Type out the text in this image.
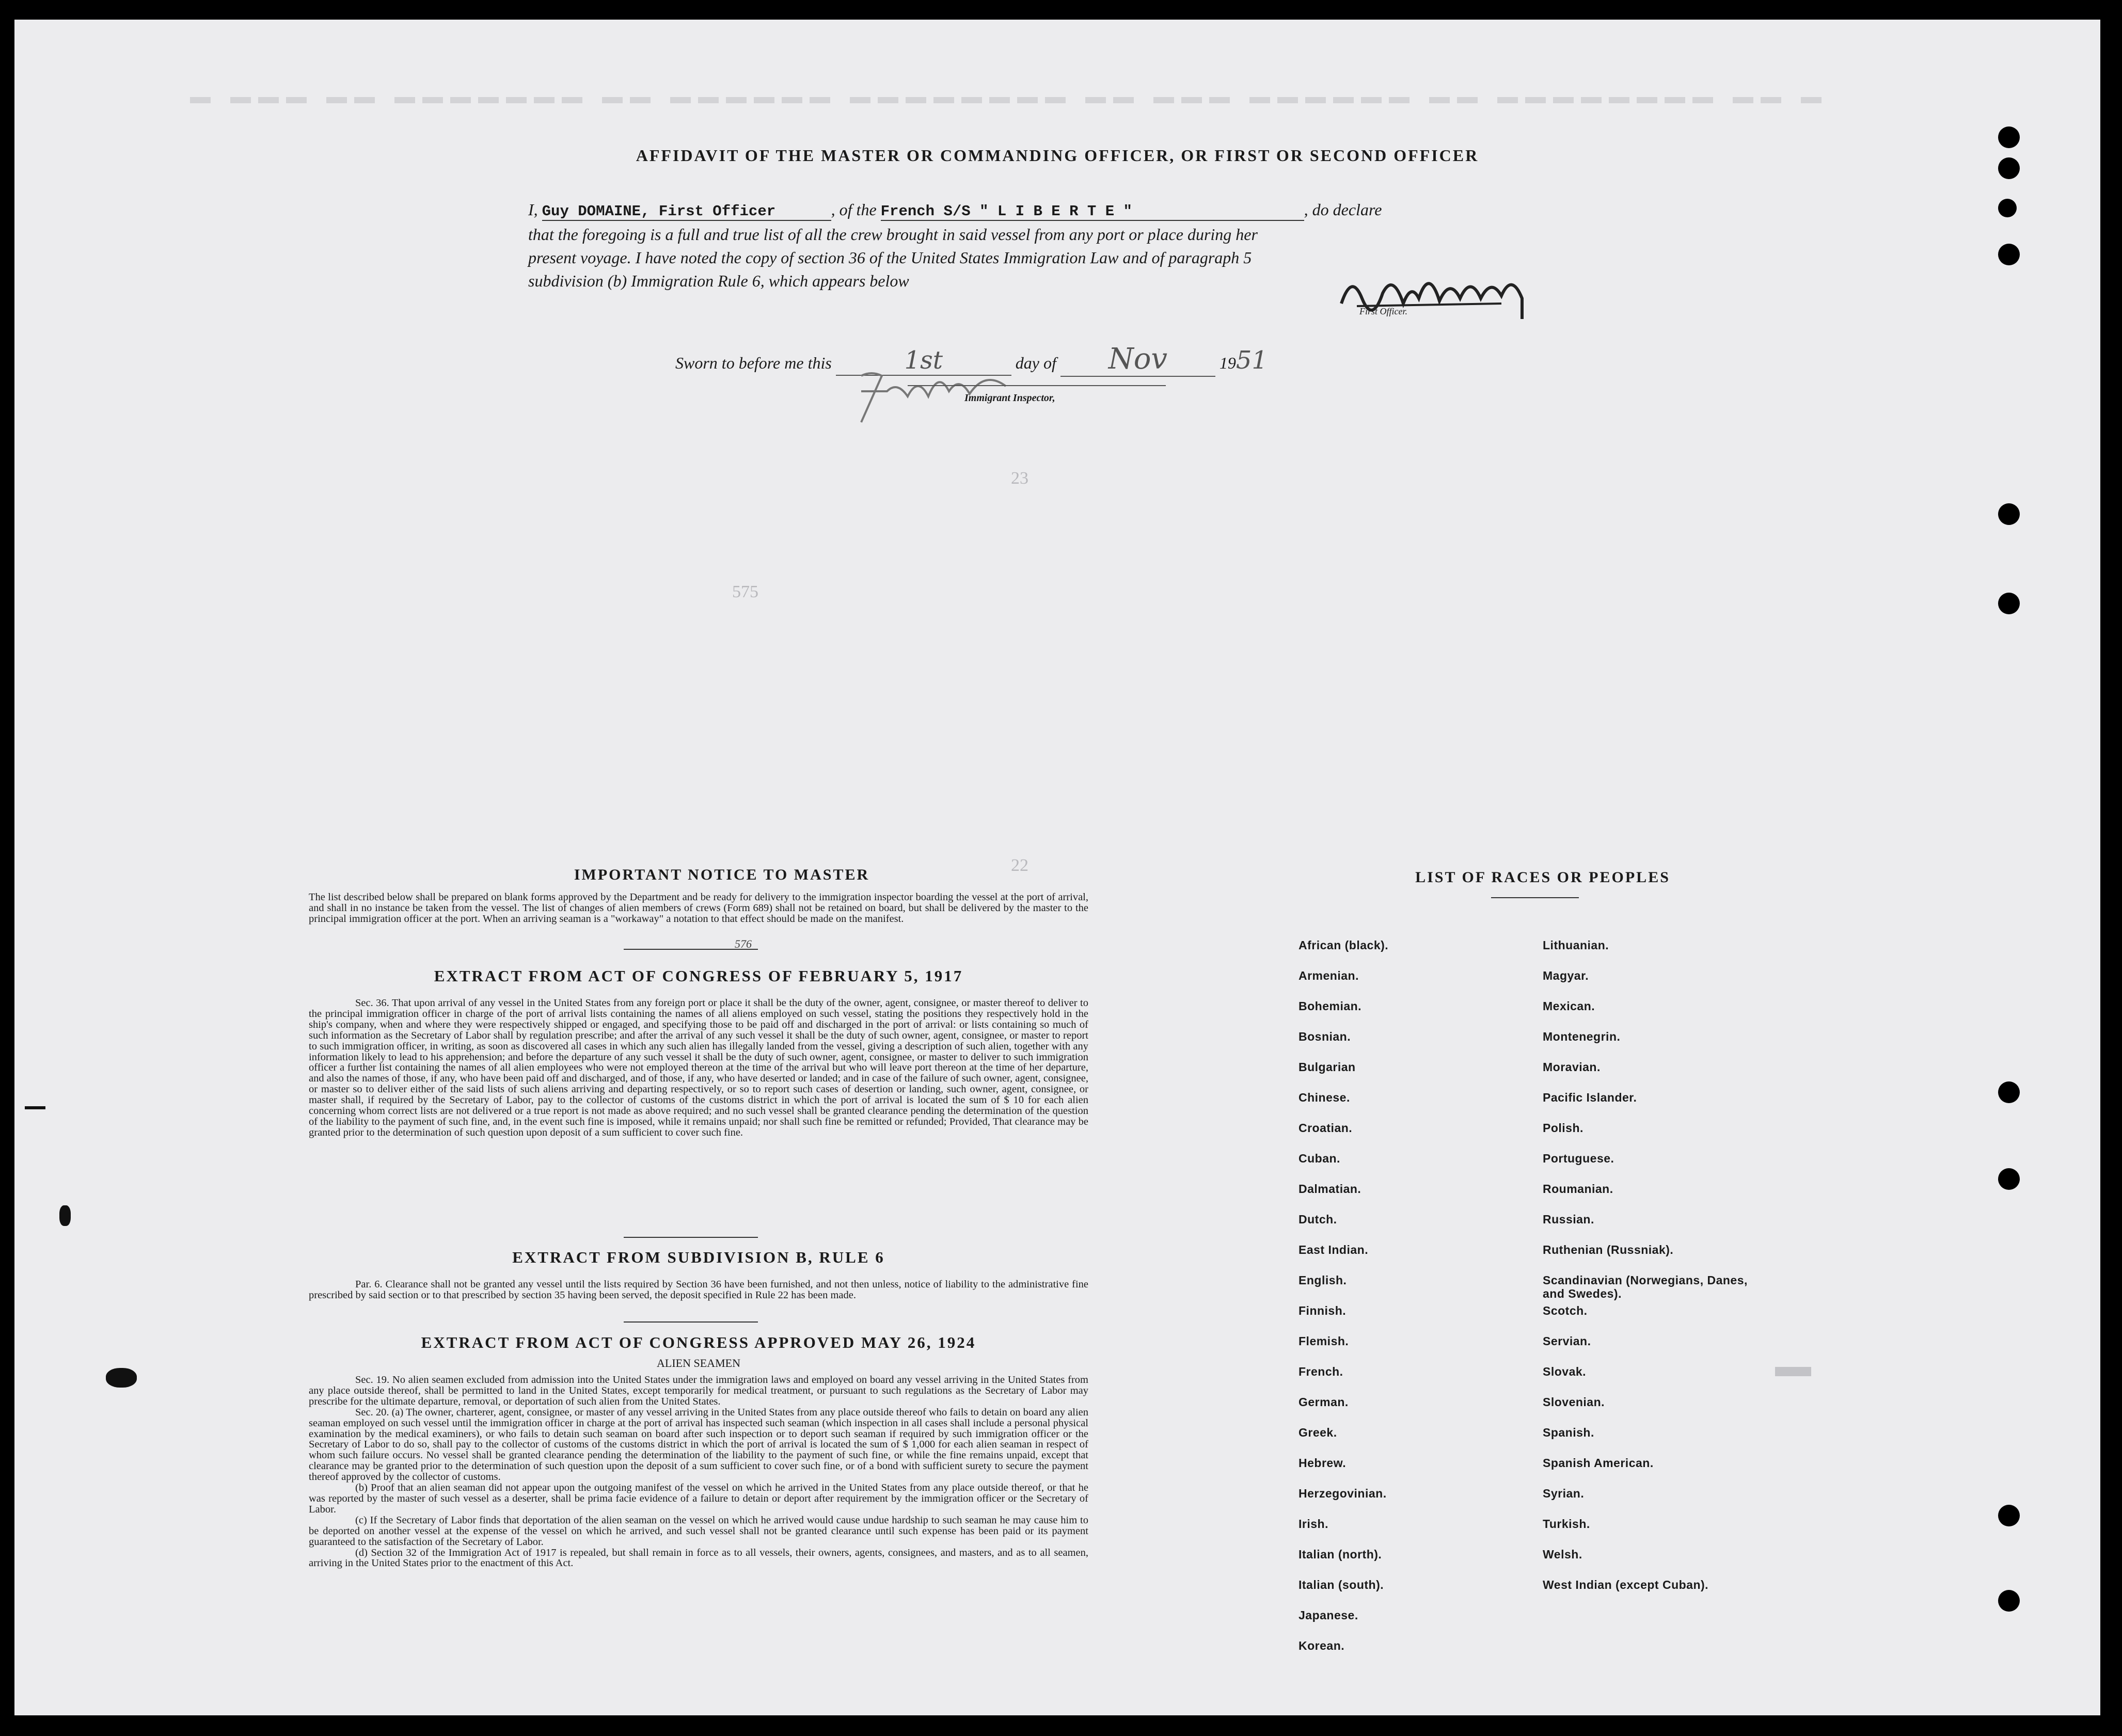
▬ ▬▬▬ ▬▬ ▬▬▬▬▬▬▬ ▬▬ ▬▬▬▬▬▬ ▬▬▬▬▬▬▬▬ ▬▬ ▬▬▬ ▬▬▬▬▬▬ ▬▬ ▬▬▬▬▬▬▬▬ ▬▬ ▬
AFFIDAVIT OF THE MASTER OR COMMANDING OFFICER, OR FIRST OR SECOND OFFICER
I, Guy DOMAINE, First Officer	, of the French S/S " L I B E R T E "	, do declare
that the foregoing is a full and true list of all the crew brought in said vessel from any port or place during her
present voyage. I have noted the copy of section 36 of the United States Immigration Law and of paragraph 5
subdivision (b) Immigration Rule 6, which appears below
First Officer.
Sworn to before me this	1st	day of Nov	1951
Immigrant Inspector,
23
575
22
IMPORTANT NOTICE TO MASTER
The list described below shall be prepared on blank forms approved by the Department and be ready for delivery to the immigration inspector boarding the vessel at the port of arrival, and shall in no instance be taken from the vessel. The list of changes of alien members of crews (Form 689) shall not be retained on board, but shall be delivered by the master to the principal immigration officer at the port. When an arriving seaman is a "workaway" a notation to that effect should be made on the manifest.
576
EXTRACT FROM ACT OF CONGRESS OF FEBRUARY 5, 1917
Sec. 36. That upon arrival of any vessel in the United States from any foreign port or place it shall be the duty of the owner, agent, consignee, or master thereof to deliver to the principal immigration officer in charge of the port of arrival lists containing the names of all aliens employed on such vessel, stating the positions they respectively hold in the ship's company, when and where they were respectively shipped or engaged, and specifying those to be paid off and discharged in the port of arrival: or lists containing so much of such information as the Secretary of Labor shall by regulation prescribe; and after the arrival of any such vessel it shall be the duty of such owner, agent, consignee, or master to report to such immigration officer, in writing, as soon as discovered all cases in which any such alien has illegally landed from the vessel, giving a description of such alien, together with any information likely to lead to his apprehension; and before the departure of any such vessel it shall be the duty of such owner, agent, consignee, or master to deliver to such immigration officer a further list containing the names of all alien employees who were not employed thereon at the time of the arrival but who will leave port thereon at the time of her departure, and also the names of those, if any, who have been paid off and discharged, and of those, if any, who have deserted or landed; and in case of the failure of such owner, agent, consignee, or master so to deliver either of the said lists of such aliens arriving and departing respectively, or so to report such cases of desertion or landing, such owner, agent, consignee, or master shall, if required by the Secretary of Labor, pay to the collector of customs of the customs district in which the port of arrival is located the sum of $ 10 for each alien concerning whom correct lists are not delivered or a true report is not made as above required; and no such vessel shall be granted clearance pending the determination of the question of the liability to the payment of such fine, and, in the event such fine is imposed, while it remains unpaid; nor shall such fine be remitted or refunded; Provided, That clearance may be granted prior to the determination of such question upon deposit of a sum sufficient to cover such fine.
EXTRACT FROM SUBDIVISION B, RULE 6
Par. 6. Clearance shall not be granted any vessel until the lists required by Section 36 have been furnished, and not then unless, notice of liability to the administrative fine prescribed by said section or to that prescribed by section 35 having been served, the deposit specified in Rule 22 has been made.
EXTRACT FROM ACT OF CONGRESS APPROVED MAY 26, 1924
ALIEN SEAMEN
Sec. 19. No alien seamen excluded from admission into the United States under the immigration laws and employed on board any vessel arriving in the United States from any place outside thereof, shall be permitted to land in the United States, except temporarily for medical treatment, or pursuant to such regulations as the Secretary of Labor may prescribe for the ultimate departure, removal, or deportation of such alien from the United States.
Sec. 20. (a) The owner, charterer, agent, consignee, or master of any vessel arriving in the United States from any place outside thereof who fails to detain on board any alien seaman employed on such vessel until the immigration officer in charge at the port of arrival has inspected such seaman (which inspection in all cases shall include a personal physical examination by the medical examiners), or who fails to detain such seaman on board after such inspection or to deport such seaman if required by such immigration officer or the Secretary of Labor to do so, shall pay to the collector of customs of the customs district in which the port of arrival is located the sum of $ 1,000 for each alien seaman in respect of whom such failure occurs. No vessel shall be granted clearance pending the determination of the liability to the payment of such fine, or while the fine remains unpaid, except that clearance may be granted prior to the determination of such question upon the deposit of a sum sufficient to cover such fine, or of a bond with sufficient surety to secure the payment thereof approved by the collector of customs.
(b) Proof that an alien seaman did not appear upon the outgoing manifest of the vessel on which he arrived in the United States from any place outside thereof, or that he was reported by the master of such vessel as a deserter, shall be prima facie evidence of a failure to detain or deport after requirement by the immigration officer or the Secretary of Labor.
(c) If the Secretary of Labor finds that deportation of the alien seaman on the vessel on which he arrived would cause undue hardship to such seaman he may cause him to be deported on another vessel at the expense of the vessel on which he arrived, and such vessel shall not be granted clearance until such expense has been paid or its payment guaranteed to the satisfaction of the Secretary of Labor.
(d) Section 32 of the Immigration Act of 1917 is repealed, but shall remain in force as to all vessels, their owners, agents, consignees, and masters, and as to all seamen, arriving in the United States prior to the enactment of this Act.
LIST OF RACES OR PEOPLES
African (black).
Armenian.
Bohemian.
Bosnian.
Bulgarian
Chinese.
Croatian.
Cuban.
Dalmatian.
Dutch.
East Indian.
English.
Finnish.
Flemish.
French.
German.
Greek.
Hebrew.
Herzegovinian.
Irish.
Italian (north).
Italian (south).
Japanese.
Korean.
Lithuanian.
Magyar.
Mexican.
Montenegrin.
Moravian.
Pacific Islander.
Polish.
Portuguese.
Roumanian.
Russian.
Ruthenian (Russniak).
Scandinavian (Norwegians, Danes, and Swedes).
Scotch.
Servian.
Slovak.
Slovenian.
Spanish.
Spanish American.
Syrian.
Turkish.
Welsh.
West Indian (except Cuban).
